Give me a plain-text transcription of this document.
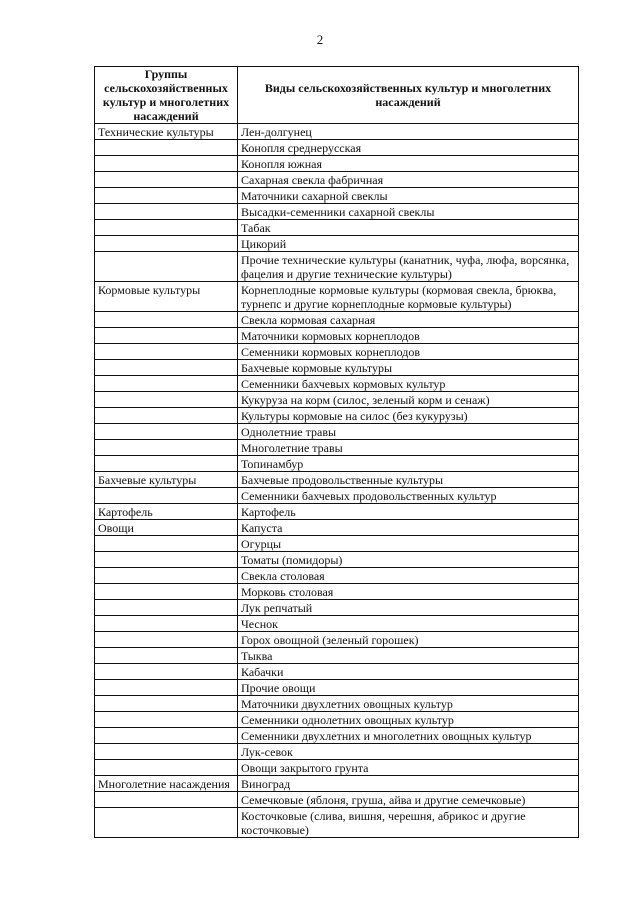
2
Группы сельскохозяйственных культур и многолетних насаждений	Виды сельскохозяйственных культур и многолетних насаждений
Технические культуры	Лен-долгунец
	Конопля среднерусская
	Конопля южная
	Сахарная свекла фабричная
	Маточники сахарной свеклы
	Высадки-семенники сахарной свеклы
	Табак
	Цикорий
	Прочие технические культуры (канатник, чуфа, люфа, ворсянка, фацелия и другие технические культуры)
Кормовые культуры	Корнеплодные кормовые культуры (кормовая свекла, брюква, турнепс и другие корнеплодные кормовые культуры)
	Свекла кормовая сахарная
	Маточники кормовых корнеплодов
	Семенники кормовых корнеплодов
	Бахчевые кормовые культуры
	Семенники бахчевых кормовых культур
	Кукуруза на корм (силос, зеленый корм и сенаж)
	Культуры кормовые на силос (без кукурузы)
	Однолетние травы
	Многолетние травы
	Топинамбур
Бахчевые культуры	Бахчевые продовольственные культуры
	Семенники бахчевых продовольственных культур
Картофель	Картофель
Овощи	Капуста
	Огурцы
	Томаты (помидоры)
	Свекла столовая
	Морковь столовая
	Лук репчатый
	Чеснок
	Горох овощной (зеленый горошек)
	Тыква
	Кабачки
	Прочие овощи
	Маточники двухлетних овощных культур
	Семенники однолетних овощных культур
	Семенники двухлетних и многолетних овощных культур
	Лук-севок
	Овощи закрытого грунта
Многолетние насаждения	Виноград
	Семечковые (яблоня, груша, айва и другие семечковые)
	Косточковые (слива, вишня, черешня, абрикос и другие косточковые)
